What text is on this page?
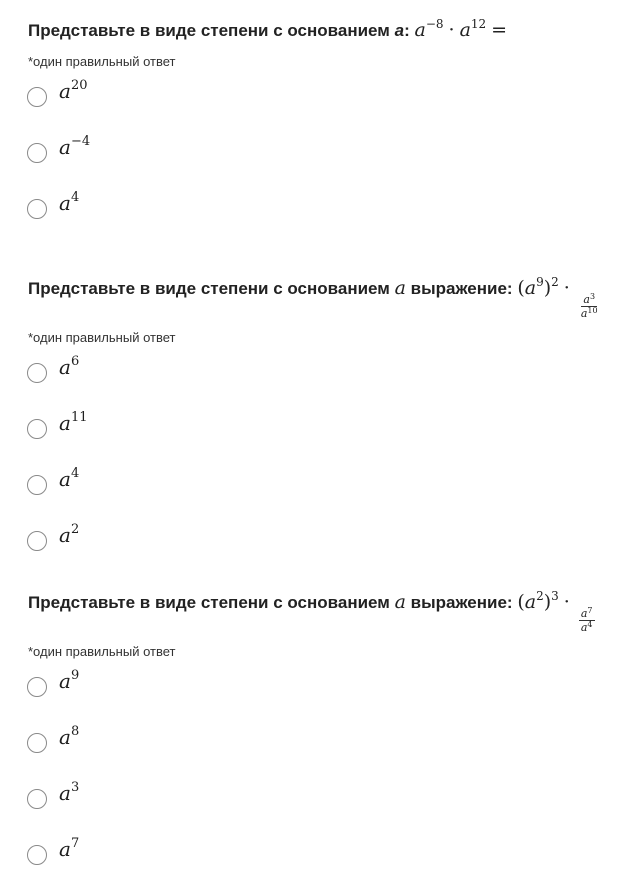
Представьте в виде степени с основанием a: $a^{-8} \cdot a^{12}$ =
*один правильный ответ
$a^{20}$
$a^{-4}$
$a^4$
Представьте в виде степени с основанием a выражение: $(a^9)^2$ ·
$\frac{a^3}{a^{10}}$
*один правильный ответ
$a^6$
$a^{11}$
$a^4$
$a^2$
Представьте в виде степени с основанием a выражение: $(a^2)^3$ ·
$\frac{a^7}{a^4}$
*один правильный ответ
$a^9$
$a^8$
$a^3$
$a^7$
